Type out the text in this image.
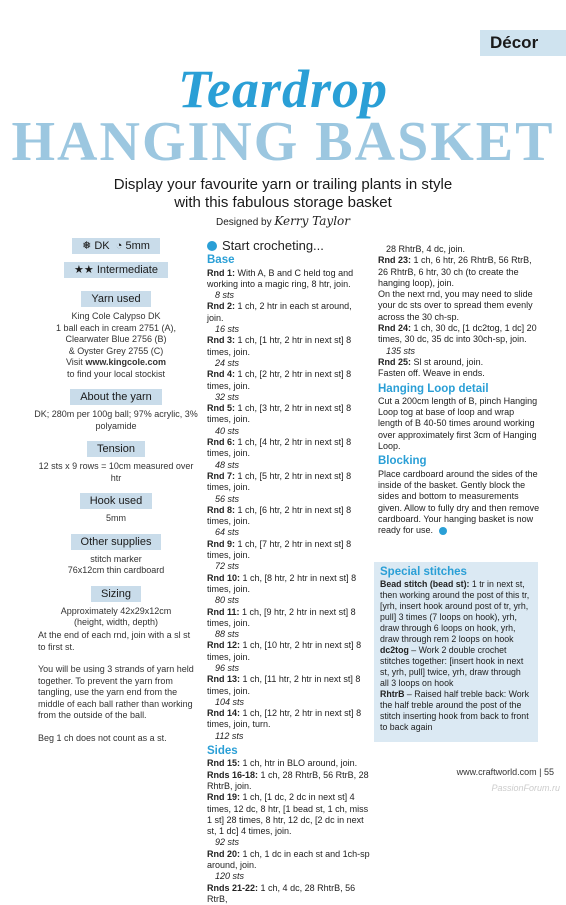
Décor
Teardrop
HANGING BASKET
Display your favourite yarn or trailing plants in style
with this fabulous storage basket
Designed by Kerry Taylor
❅ DK ◔ 5mm
★★ Intermediate
Yarn used
King Cole Calypso DK
1 ball each in cream 2751 (A),
Clearwater Blue 2756 (B)
& Oyster Grey 2755 (C)
Visit www.kingcole.com
to find your local stockist
About the yarn
DK; 280m per 100g ball; 97% acrylic, 3% polyamide
Tension
12 sts x 9 rows = 10cm measured over htr
Hook used
5mm
Other supplies
stitch marker
76x12cm thin cardboard
Sizing
Approximately 42x29x12cm
(height, width, depth)

At the end of each rnd, join with a sl st to first st.

You will be using 3 strands of yarn held together. To prevent the yarn from tangling, use the yarn end from the middle of each ball rather than working from the outside of the ball.

Beg 1 ch does not count as a st.

Start crocheting...
Base
Rnd 1: With A, B and C held tog and working into a magic ring, 8 htr, join.
8 sts
Rnd 2: 1 ch, 2 htr in each st around, join.
16 sts
Rnd 3: 1 ch, [1 htr, 2 htr in next st] 8 times, join.
24 sts
Rnd 4: 1 ch, [2 htr, 2 htr in next st] 8 times, join.
32 sts
Rnd 5: 1 ch, [3 htr, 2 htr in next st] 8 times, join.
40 sts
Rnd 6: 1 ch, [4 htr, 2 htr in next st] 8 times, join.
48 sts
Rnd 7: 1 ch, [5 htr, 2 htr in next st] 8 times, join.
56 sts
Rnd 8: 1 ch, [6 htr, 2 htr in next st] 8 times, join.
64 sts
Rnd 9: 1 ch, [7 htr, 2 htr in next st] 8 times, join.
72 sts
Rnd 10: 1 ch, [8 htr, 2 htr in next st] 8 times, join.
80 sts
Rnd 11: 1 ch, [9 htr, 2 htr in next st] 8 times, join.
88 sts
Rnd 12: 1 ch, [10 htr, 2 htr in next st] 8 times, join.
96 sts
Rnd 13: 1 ch, [11 htr, 2 htr in next st] 8 times, join.
104 sts
Rnd 14: 1 ch, [12 htr, 2 htr in next st] 8 times, join, turn.
112 sts
Sides
Rnd 15: 1 ch, htr in BLO around, join.
Rnds 16-18: 1 ch, 28 RhtrB, 56 RtrB, 28 RhtrB, join.
Rnd 19: 1 ch, [1 dc, 2 dc in next st] 4 times, 12 dc, 8 htr, [1 bead st, 1 ch, miss 1 st] 28 times, 8 htr, 12 dc, [2 dc in next st, 1 dc] 4 times, join.
92 sts
Rnd 20: 1 ch, 1 dc in each st and 1ch-sp around, join.
120 sts
Rnds 21-22: 1 ch, 4 dc, 28 RhtrB, 56 RtrB,
28 RhtrB, 4 dc, join.
Rnd 23: 1 ch, 6 htr, 26 RhtrB, 56 RtrB, 26 RhtrB, 6 htr, 30 ch (to create the hanging loop), join.
On the next rnd, you may need to slide your dc sts over to spread them evenly across the 30 ch-sp.
Rnd 24: 1 ch, 30 dc, [1 dc2tog, 1 dc] 20 times, 30 dc, 35 dc into 30ch-sp, join.
135 sts
Rnd 25: Sl st around, join.
Fasten off. Weave in ends.
Hanging Loop detail
Cut a 200cm length of B, pinch Hanging Loop tog at base of loop and wrap length of B 40-50 times around working over approximately first 3cm of Hanging Loop.
Blocking
Place cardboard around the sides of the inside of the basket. Gently block the sides and bottom to measurements given. Allow to fully dry and then remove cardboard. Your hanging basket is now ready for use.
Special stitches
Bead stitch (bead st): 1 tr in next st, then working around the post of this tr, [yrh, insert hook around post of tr, yrh, pull] 3 times (7 loops on hook), yrh, draw through 6 loops on hook, yrh, draw through rem 2 loops on hook
dc2tog – Work 2 double crochet stitches together: [insert hook in next st, yrh, pull] twice, yrh, draw through all 3 loops on hook
RhtrB – Raised half treble back: Work the half treble around the post of the stitch inserting hook from back to front to back again
www.craftworld.com | 55
PassionForum.ru
